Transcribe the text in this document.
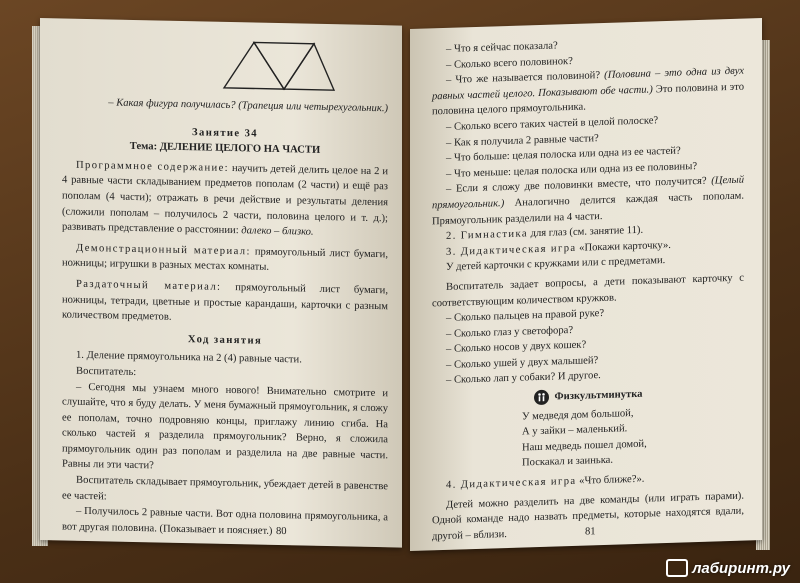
– Какая фигура получилась? (Трапеция или четырехугольник.)

Занятие 34

Тема: ДЕЛЕНИЕ ЦЕЛОГО НА ЧАСТИ

Программное содержание: научить детей делить целое на 2 и 4 равные части складыванием предметов пополам (2 части) и ещё раз пополам (4 части); отражать в речи действие и результаты деления (сложили пополам – получилось 2 части, половина целого и т. д.); развивать представление о расстоянии: далеко – близко.

Демонстрационный материал: прямоугольный лист бумаги, ножницы; игрушки в разных местах комнаты.

Раздаточный материал: прямоугольный лист бумаги, ножницы, тетради, цветные и простые карандаши, карточки с разным количеством предметов.

Ход занятия

1. Деление прямоугольника на 2 (4) равные части.

Воспитатель:

– Сегодня мы узнаем много нового! Внимательно смотрите и слушайте, что я буду делать. У меня бумажный прямоугольник, я сложу ее пополам, точно подровняю концы, приглажу линию сгиба. На сколько частей я разделила прямоугольник? Верно, я сложила прямоугольник один раз пополам и разделила на две равные части. Равны ли эти части?

Воспитатель складывает прямоугольник, убеждает детей в равенстве ее частей:

– Получилось 2 равные части. Вот одна половина прямоугольника, а вот другая половина. (Показывает и поясняет.) 80

– Что я сейчас показала?

– Сколько всего половинок?

– Что же называется половиной? (Половина – это одна из двух равных частей целого. Показывают обе части.) Это половина и это половина целого прямоугольника.

– Сколько всего таких частей в целой полоске?

– Как я получила 2 равные части?

– Что больше: целая полоска или одна из ее частей?

– Что меньше: целая полоска или одна из ее половины?

– Если я сложу две половинки вместе, что получится? (Целый прямоугольник.) Аналогично делится каждая часть пополам. Прямоугольник разделили на 4 части.

2. Гимнастика для глаз (см. занятие 11).

3. Дидактическая игра «Покажи карточку».

У детей карточки с кружками или с предметами.

Воспитатель задает вопросы, а дети показывают карточку с соответствующим количеством кружков.

– Сколько пальцев на правой руке?

– Сколько глаз у светофора?

– Сколько носов у двух кошек?

– Сколько ушей у двух малышей?

– Сколько лап у собаки? И другое.

Физкультминутка

У медведя дом большой,

А у зайки – маленький.

Наш медведь пошел домой,

Поскакал и заинька.

4. Дидактическая игра «Что ближе?».

Детей можно разделить на две команды (или играть парами). Одной команде надо назвать предметы, которые находятся вдали, другой – вблизи.	81
лабиринт.ру
